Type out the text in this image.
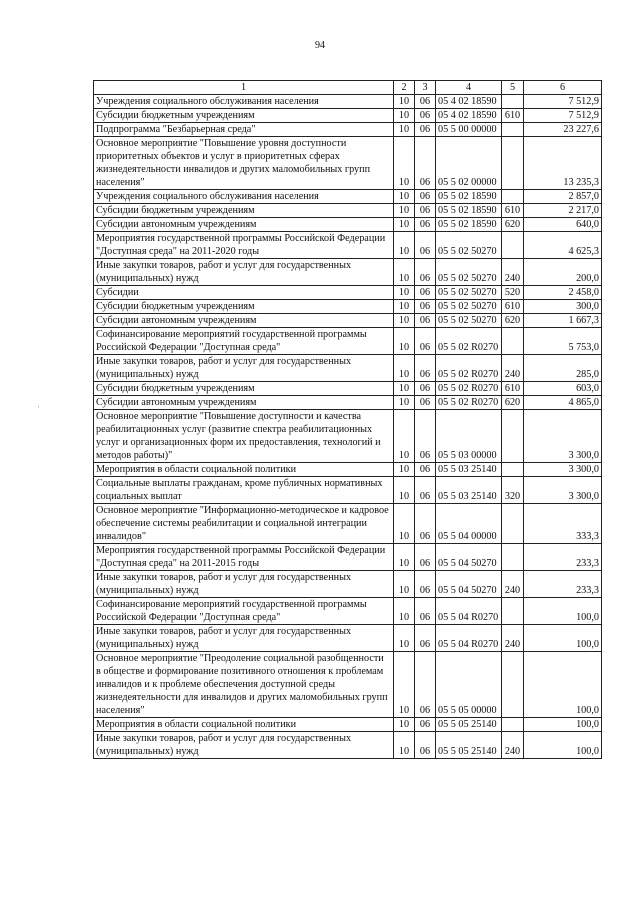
94
'
1	2	3	4	5	6
Учреждения социального обслуживания населения	10	06	05 4 02 18590		7 512,9
Субсидии бюджетным учреждениям	10	06	05 4 02 18590	610	7 512,9
Подпрограмма "Безбарьерная среда"	10	06	05 5 00 00000		23 227,6
Основное мероприятие "Повышение уровня доступности приоритетных объектов и услуг в приоритетных сферах жизнедеятельности инвалидов и других маломобильных групп населения"	10	06	05 5 02 00000		13 235,3
Учреждения социального обслуживания населения	10	06	05 5 02 18590		2 857,0
Субсидии бюджетным учреждениям	10	06	05 5 02 18590	610	2 217,0
Субсидии автономным учреждениям	10	06	05 5 02 18590	620	640,0
Мероприятия государственной программы Российской Федерации "Доступная среда" на 2011-2020 годы	10	06	05 5 02 50270		4 625,3
Иные закупки товаров, работ и услуг для государственных (муниципальных) нужд	10	06	05 5 02 50270	240	200,0
Субсидии	10	06	05 5 02 50270	520	2 458,0
Субсидии бюджетным учреждениям	10	06	05 5 02 50270	610	300,0
Субсидии автономным учреждениям	10	06	05 5 02 50270	620	1 667,3
Софинансирование мероприятий государственной программы Российской Федерации "Доступная среда"	10	06	05 5 02 R0270		5 753,0
Иные закупки товаров, работ и услуг для государственных (муниципальных) нужд	10	06	05 5 02 R0270	240	285,0
Субсидии бюджетным учреждениям	10	06	05 5 02 R0270	610	603,0
Субсидии автономным учреждениям	10	06	05 5 02 R0270	620	4 865,0
Основное мероприятие "Повышение доступности и качества реабилитационных услуг (развитие спектра реабилитационных услуг и организационных форм их предоставления, технологий и методов работы)"	10	06	05 5 03 00000		3 300,0
Мероприятия в области социальной политики	10	06	05 5 03 25140		3 300,0
Социальные выплаты гражданам, кроме публичных нормативных социальных выплат	10	06	05 5 03 25140	320	3 300,0
Основное мероприятие "Информационно-методическое и кадровое обеспечение системы реабилитации и социальной интеграции инвалидов"	10	06	05 5 04 00000		333,3
Мероприятия государственной программы Российской Федерации "Доступная среда" на 2011-2015 годы	10	06	05 5 04 50270		233,3
Иные закупки товаров, работ и услуг для государственных (муниципальных) нужд	10	06	05 5 04 50270	240	233,3
Софинансирование мероприятий государственной программы Российской Федерации "Доступная среда"	10	06	05 5 04 R0270		100,0
Иные закупки товаров, работ и услуг для государственных (муниципальных) нужд	10	06	05 5 04 R0270	240	100,0
Основное мероприятие "Преодоление социальной разобщенности в обществе и формирование позитивного отношения к проблемам инвалидов и к проблеме обеспечения доступной среды жизнедеятельности для инвалидов и других маломобильных групп населения"	10	06	05 5 05 00000		100,0
Мероприятия в области социальной политики	10	06	05 5 05 25140		100,0
Иные закупки товаров, работ и услуг для государственных (муниципальных) нужд	10	06	05 5 05 25140	240	100,0
